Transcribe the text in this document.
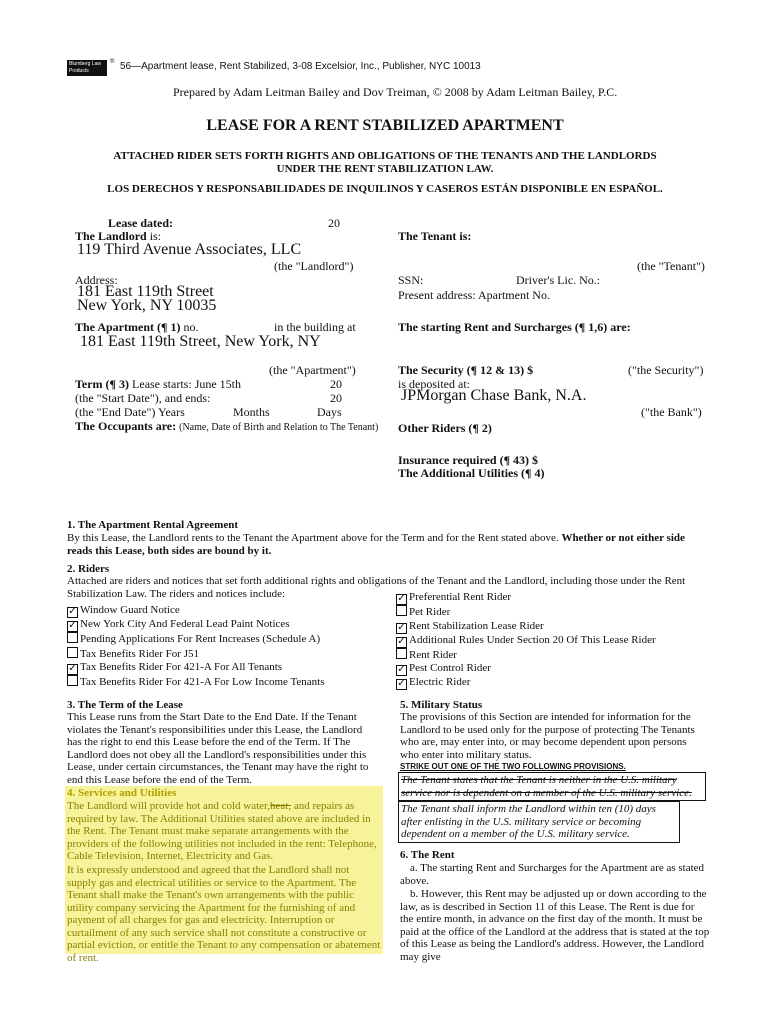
Blumberg Law Products
® 56—Apartment lease, Rent Stabilized, 3-08 Excelsior, Inc., Publisher, NYC 10013
Prepared by Adam Leitman Bailey and Dov Treiman, © 2008 by Adam Leitman Bailey, P.C.
LEASE FOR A RENT STABILIZED APARTMENT
ATTACHED RIDER SETS FORTH RIGHTS AND OBLIGATIONS OF THE TENANTS AND THE LANDLORDS
UNDER THE RENT STABILIZATION LAW.
LOS DERECHOS Y RESPONSABILIDADES DE INQUILINOS Y CASEROS ESTÁN DISPONIBLE EN ESPAÑOL.
Lease dated:	20
The Landlord is:
119 Third Avenue Associates, LLC
(the "Landlord")
Address:
181 East 119th Street
New York, NY 10035
The Apartment (¶ 1) no.	in the building at
181 East 119th Street, New York, NY
(the "Apartment")
Term (¶ 3) Lease starts: June 15th	20
(the "Start Date"), and ends:	20
(the "End Date") Years	Months	Days
The Occupants are: (Name, Date of Birth and Relation to The Tenant)
The Tenant is:
(the "Tenant")
SSN:	Driver's Lic. No.:
Present address: Apartment No.
The starting Rent and Surcharges (¶ 1,6) are:
The Security (¶ 12 & 13) $	("the Security")
is deposited at:
JPMorgan Chase Bank, N.A.
("the Bank")
Other Riders (¶ 2)
Insurance required (¶ 43) $
The Additional Utilities (¶ 4)
1. The Apartment Rental Agreement
By this Lease, the Landlord rents to the Tenant the Apartment above for the Term and for the Rent stated above. Whether or not either side reads this Lease, both sides are bound by it.
2. Riders
Attached are riders and notices that set forth additional rights and obligations of the Tenant and the Landlord, including those under the Rent Stabilization Law. The riders and notices include:
✓ Window Guard Notice
✓ New York City And Federal Lead Paint Notices
Pending Applications For Rent Increases (Schedule A)
Tax Benefits Rider For J51
✓ Tax Benefits Rider For 421-A For All Tenants
Tax Benefits Rider For 421-A For Low Income Tenants
✓ Preferential Rent Rider
Pet Rider
✓ Rent Stabilization Lease Rider
✓ Additional Rules Under Section 20 Of This Lease Rider
Rent Rider
✓ Pest Control Rider
✓ Electric Rider
3. The Term of the Lease
This Lease runs from the Start Date to the End Date. If the Tenant violates the Tenant's responsibilities under this Lease, the Landlord has the right to end this Lease before the end of the Term. If The Landlord does not obey all the Landlord's responsibilities under this Lease, under certain circumstances, the Tenant may have the right to end this Lease before the end of the Term.
4. Services and Utilities
The Landlord will provide hot and cold water,heat, and repairs as required by law. The Additional Utilities stated above are included in the Rent. The Tenant must make separate arrangements with the providers of the following utilities not included in the rent: Telephone, Cable Television, Internet, Electricity and Gas.
It is expressly understood and agreed that the Landlord shall not supply gas and electrical utilities or service to the Apartment. The Tenant shall make the Tenant's own arrangements with the public utility company servicing the Apartment for the furnishing of and payment of all charges for gas and electricity. Interruption or curtailment of any such service shall not constitute a constructive or partial eviction, or entitle the Tenant to any compensation or abatement of rent.
5. Military Status
The provisions of this Section are intended for information for the Landlord to be used only for the purpose of protecting The Tenants who are, may enter into, or may become dependent upon persons who enter into military status.
STRIKE OUT ONE OF THE TWO FOLLOWING PROVISIONS.
The Tenant states that the Tenant is neither in the U.S. military service nor is dependent on a member of the U.S. military service.
The Tenant shall inform the Landlord within ten (10) days after enlisting in the U.S. military service or becoming dependent on a member of the U.S. military service.
6. The Rent
a. The starting Rent and Surcharges for the Apartment are as stated above.
b. However, this Rent may be adjusted up or down according to the law, as is described in Section 11 of this Lease. The Rent is due for the entire month, in advance on the first day of the month. It must be paid at the office of the Landlord at the address that is stated at the top of this Lease as being the Landlord's address. However, the Landlord may give
